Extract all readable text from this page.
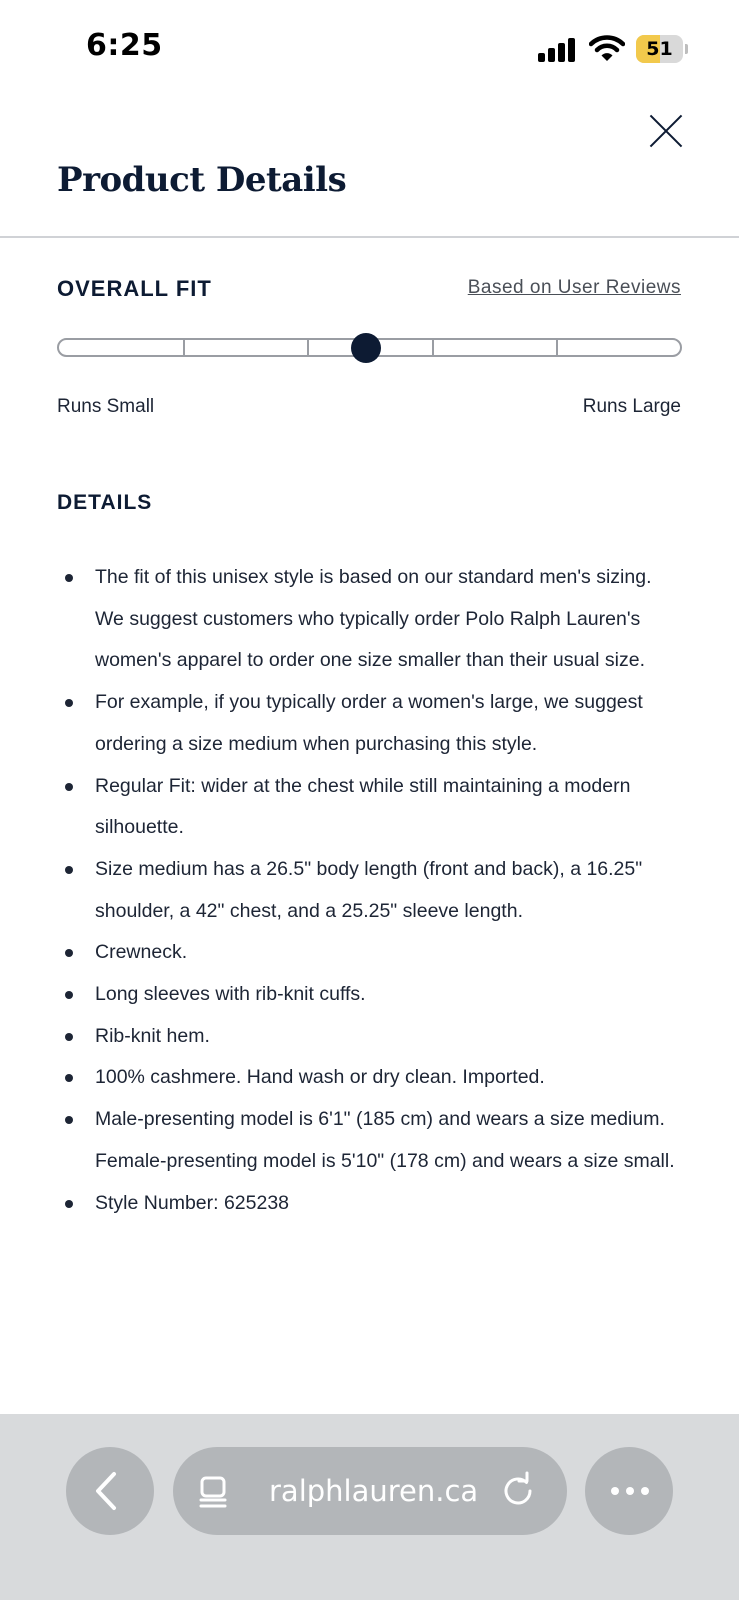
6:25	51
Product Details
OVERALL FIT	Based on User Reviews
Runs Small	Runs Large
DETAILS
The fit of this unisex style is based on our standard men's sizing. We suggest customers who typically order Polo Ralph Lauren's women's apparel to order one size smaller than their usual size.
For example, if you typically order a women's large, we suggest ordering a size medium when purchasing this style.
Regular Fit: wider at the chest while still maintaining a modern silhouette.
Size medium has a 26.5" body length (front and back), a 16.25" shoulder, a 42" chest, and a 25.25" sleeve length.
Crewneck.
Long sleeves with rib-knit cuffs.
Rib-knit hem.
100% cashmere. Hand wash or dry clean. Imported.
Male-presenting model is 6'1" (185 cm) and wears a size medium. Female-presenting model is 5'10" (178 cm) and wears a size small.
Style Number: 625238
ralphlauren.ca
